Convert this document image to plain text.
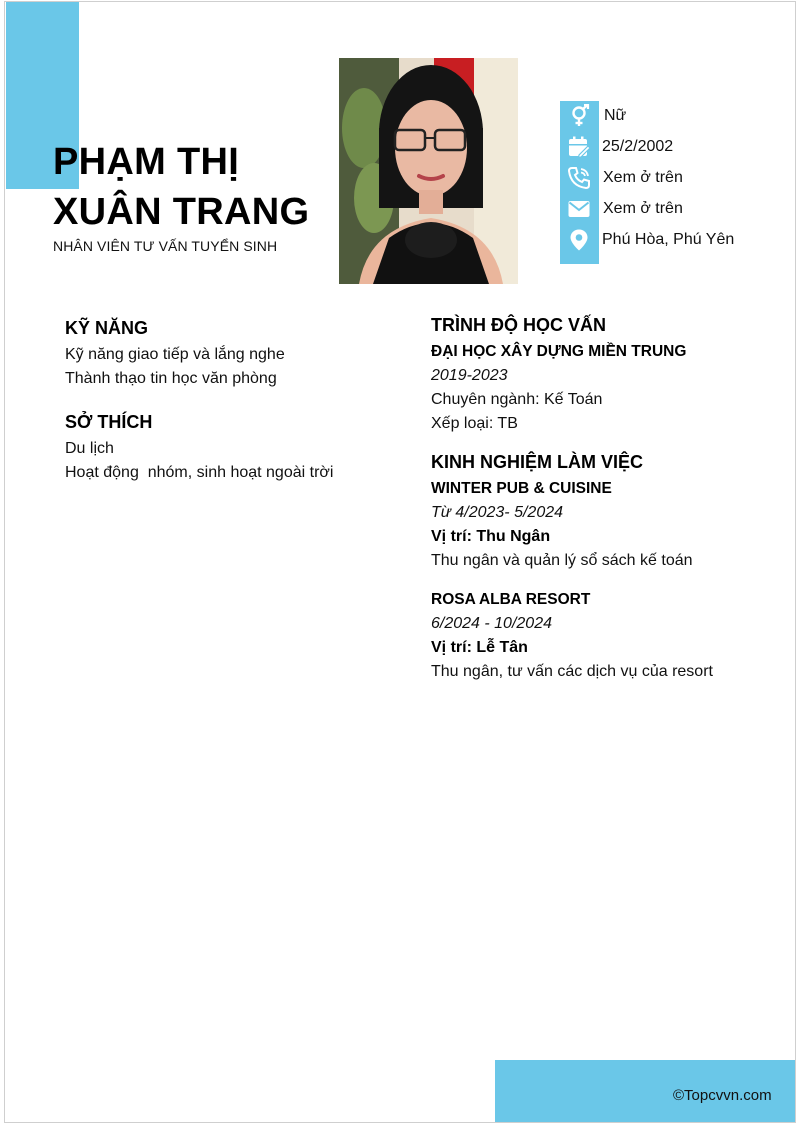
PHẠM THỊ
XUÂN TRANG
NHÂN VIÊN TƯ VẤN TUYỂN SINH
Nữ
25/2/2002
Xem ở trên
Xem ở trên
Phú Hòa, Phú Yên
KỸ NĂNG
Kỹ năng giao tiếp và lắng nghe
Thành thạo tin học văn phòng
SỞ THÍCH
Du lịch
Hoạt động  nhóm, sinh hoạt ngoài trời
TRÌNH ĐỘ HỌC VẤN
ĐẠI HỌC XÂY DỰNG MIỀN TRUNG
2019-2023
Chuyên ngành: Kế Toán
Xếp loại: TB
KINH NGHIỆM LÀM VIỆC
WINTER PUB & CUISINE
Từ 4/2023- 5/2024
Vị trí: Thu Ngân
Thu ngân và quản lý sổ sách kế toán
ROSA ALBA RESORT
6/2024 - 10/2024
Vị trí: Lễ Tân
Thu ngân, tư vấn các dịch vụ của resort
©Topcvvn.com
